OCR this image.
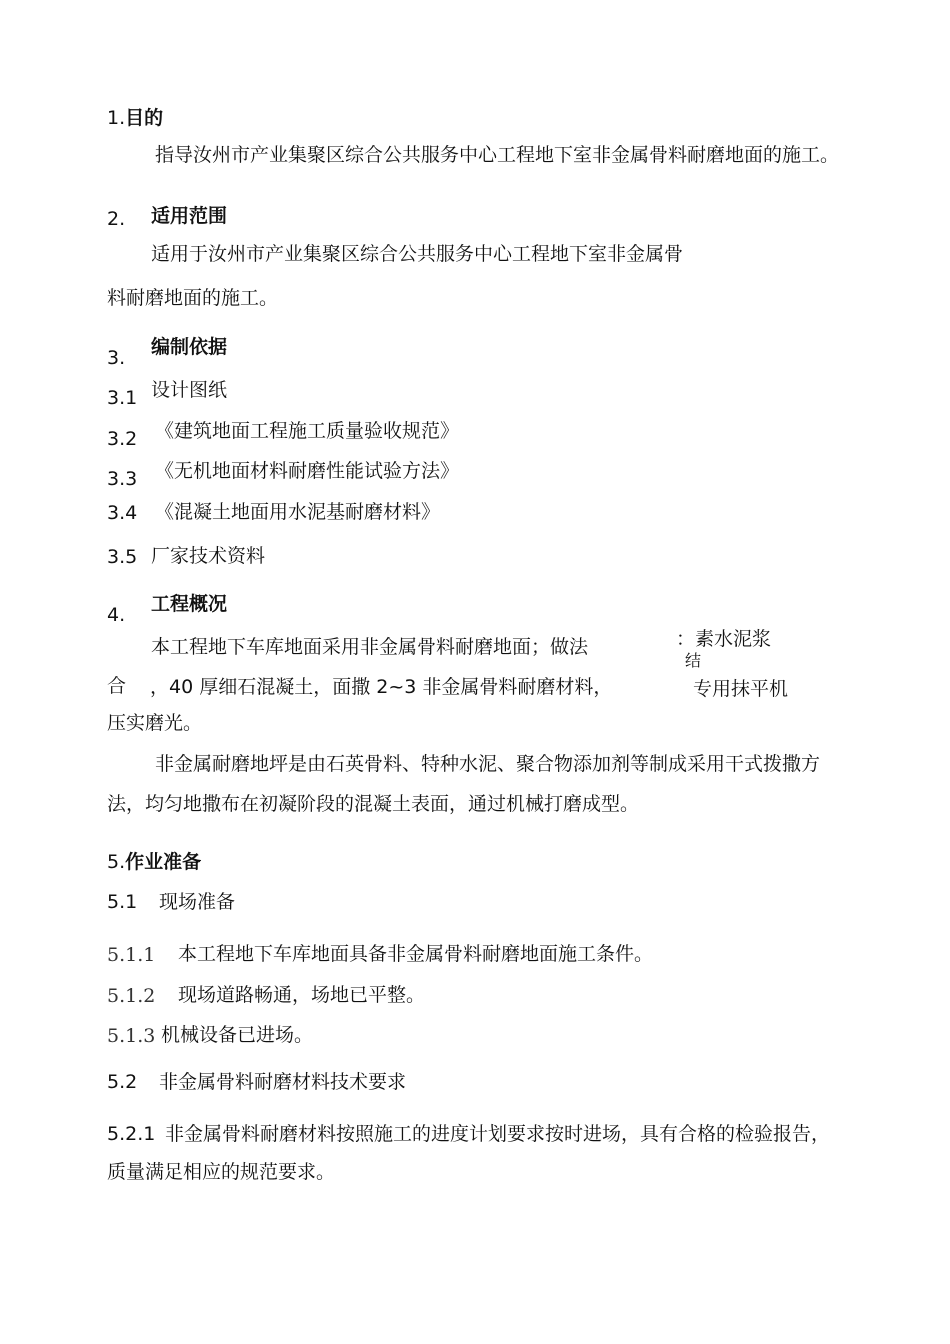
1.目的
指导汝州市产业集聚区综合公共服务中心工程地下室非金属骨料耐磨地面的施工。
2. 适用范围
适用于汝州市产业集聚区综合公共服务中心工程地下室非金属骨
料耐磨地面的施工。
3. 编制依据
3.1 设计图纸
3.2 《建筑地面工程施工质量验收规范》
3.3 《无机地面材料耐磨性能试验方法》
3.4 《混凝土地面用水泥基耐磨材料》
3.5 厂家技术资料
4. 工程概况
本工程地下车库地面采用非金属骨料耐磨地面；做法	：素水泥浆
结
合 ，40 厚细石混凝土，面撒 2~3 非金属骨料耐磨材料，	专用抹平机
压实磨光。
非金属耐磨地坪是由石英骨料、特种水泥、聚合物添加剂等制成采用干式拨撒方
法，均匀地撒布在初凝阶段的混凝土表面，通过机械打磨成型。
5.作业准备
5.1 现场准备
5.1.1 本工程地下车库地面具备非金属骨料耐磨地面施工条件。
5.1.2 现场道路畅通，场地已平整。
5.1.3 机械设备已进场。
5.2 非金属骨料耐磨材料技术要求
5.2.1 非金属骨料耐磨材料按照施工的进度计划要求按时进场，具有合格的检验报告，
质量满足相应的规范要求。
